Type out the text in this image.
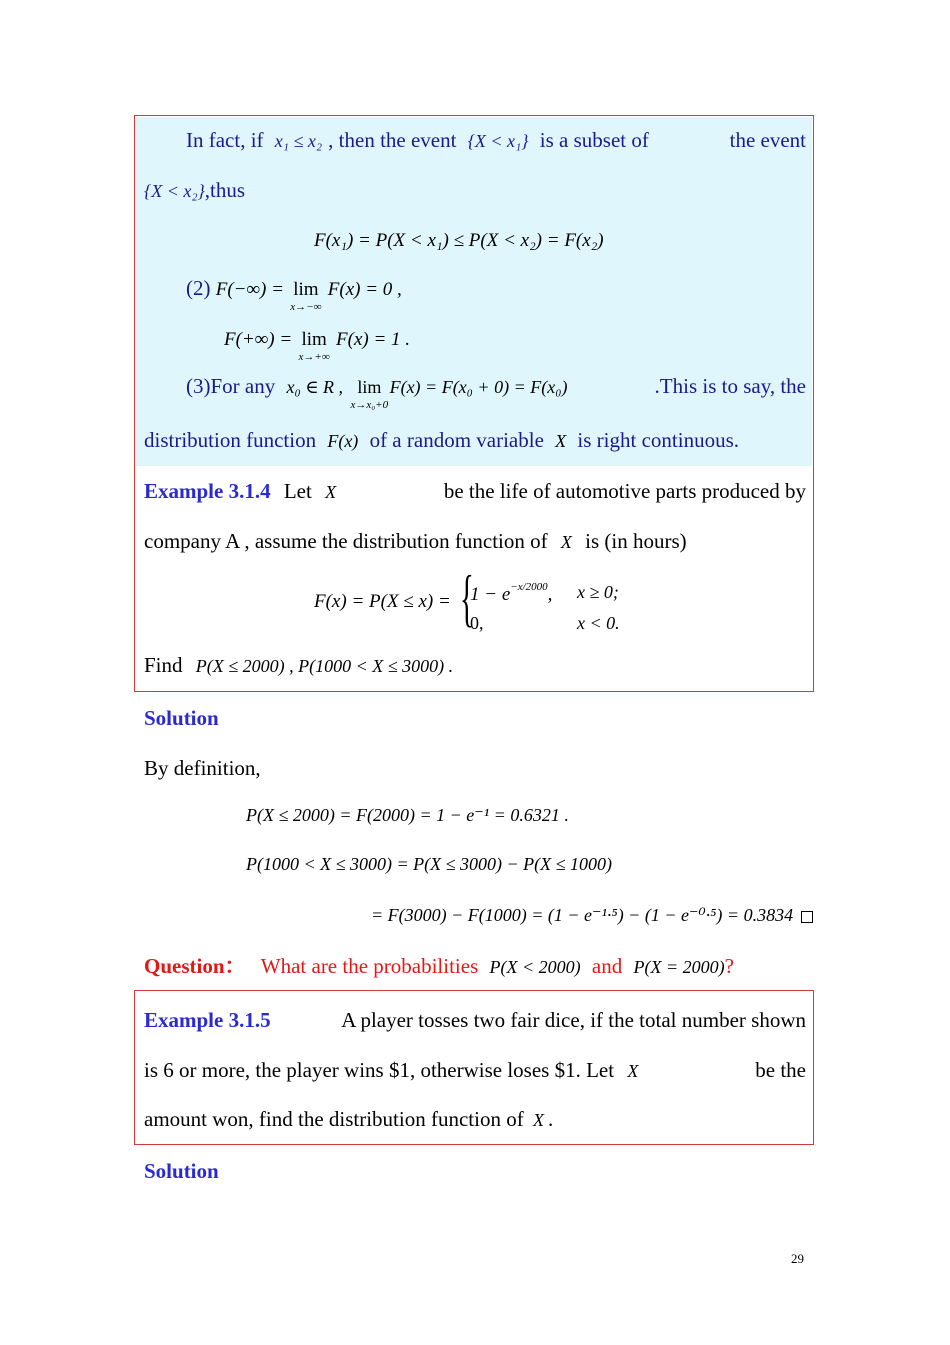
In fact, if x₁ ≤ x₂ , then the event {X < x₁} is a subset of	the event
{X < x₂},thus
F(x₁) = P(X < x₁) ≤ P(X < x₂) = F(x₂)
(2) F(−∞) = lim
x→−∞
F(x) = 0 ,
F(+∞) = lim
x→+∞
F(x) = 1 .
(3)For any x₀ ∈ R , lim
x→x₀+0
F(x) = F(x₀ + 0) = F(x₀)	.This is to say, the
distribution function F(x) of a random variable X is right continuous.
Example 3.1.4 Let X	be the life of automotive parts produced by
company A , assume the distribution function of X is (in hours)
F(x) = P(X ≤ x) = {
$1 - e^{-x/2000}$, x ≥ 0;
0,	x < 0.
Find P(X ≤ 2000) , P(1000 < X ≤ 3000) .
Solution
By definition,
P(X ≤ 2000) = F(2000) = 1 − e⁻¹ = 0.6321 .
P(1000 < X ≤ 3000) = P(X ≤ 3000) − P(X ≤ 1000)
= F(3000) − F(1000) = (1 − e⁻¹·⁵) − (1 − e⁻⁰·⁵) = 0.3834
Question： What are the probabilities P(X < 2000) and P(X = 2000)?
Example 3.1.5	A player tosses two fair dice, if the total number shown
is 6 or more, the player wins $1, otherwise loses $1. Let X	be the
amount won, find the distribution function of X .
Solution
29
